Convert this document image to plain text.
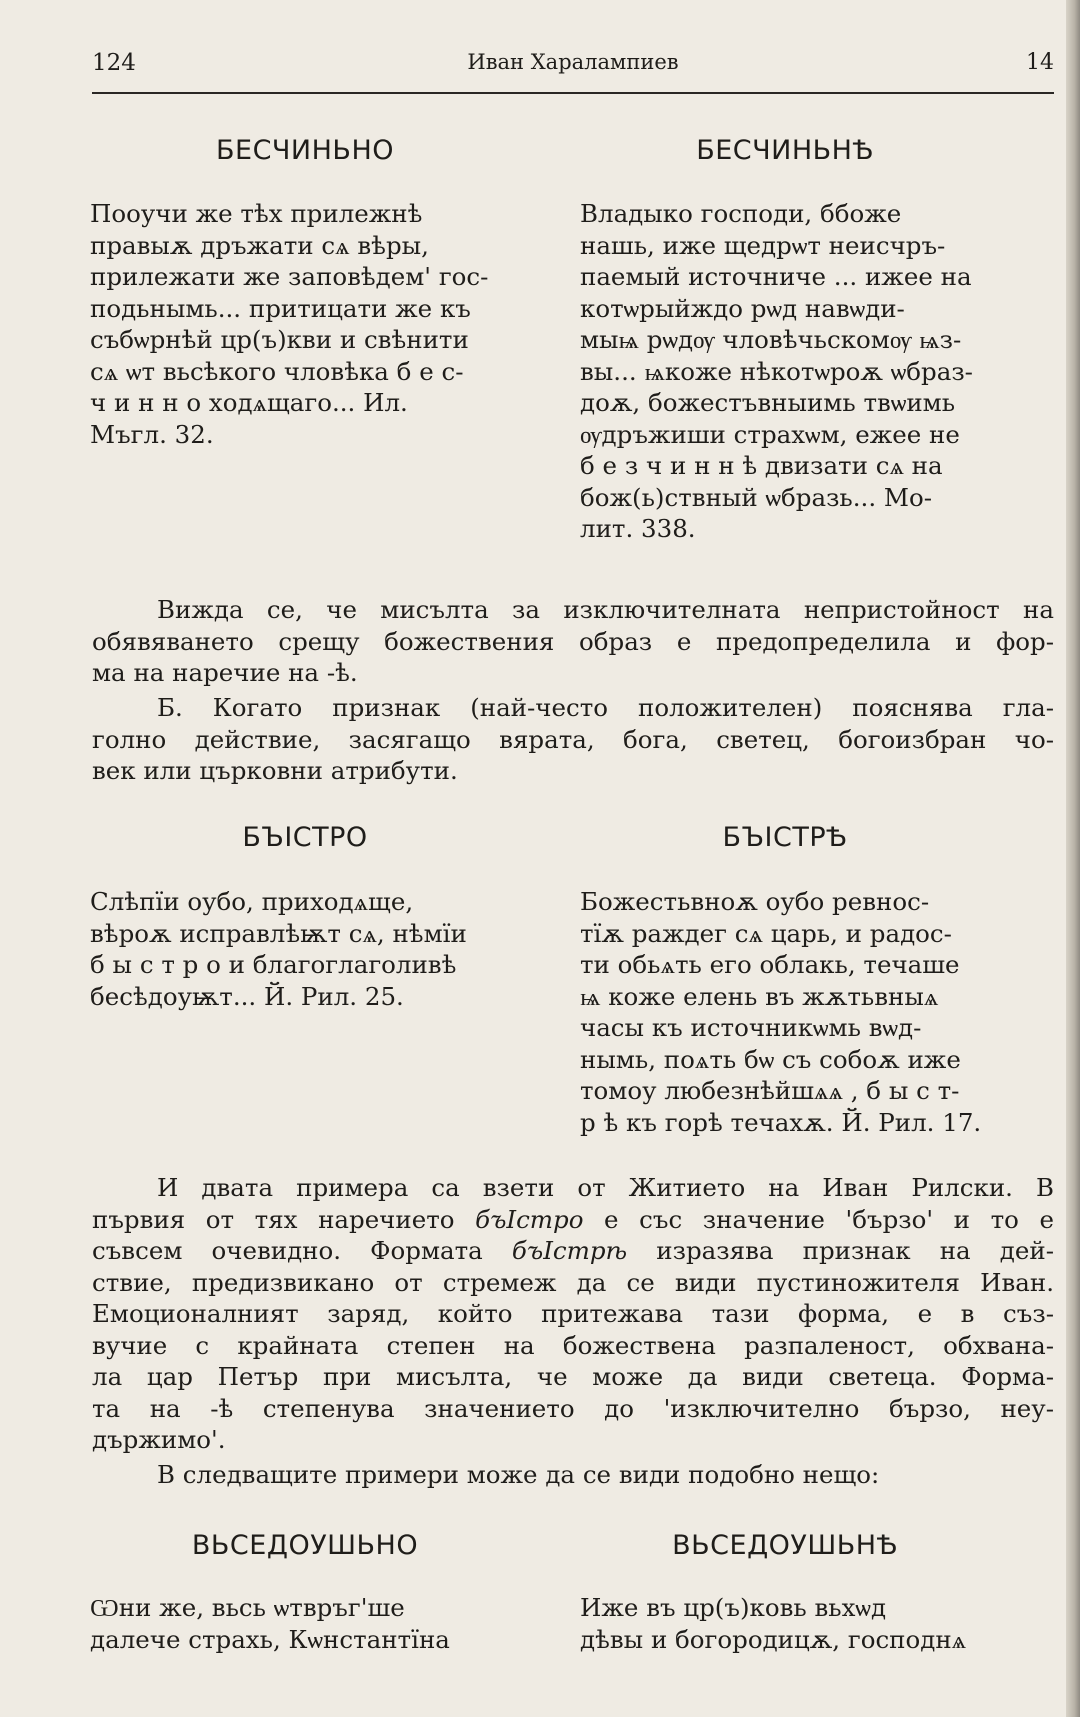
124	Иван Харалампиев	14
БЕСЧИНЬНО	БЕСЧИНЬНѢ
Пооучи же тѣх прилежнѣ
правыѫ дръжати сѧ вѣры,
прилежати же заповѣдем' гос-
подьнымь... притицати же къ
събѡрнѣй цр(ъ)кви и свѣнити
сѧ ѡт вьсѣкого чловѣка б е с-
ч и н н о ходѧщаго... Ил.
Мъгл. 32.
Владыко господи, ббоже
нашь, иже щедрѡт неисчръ-
паемый источниче ... ижее на
котѡрыйждо рѡд навѡди-
мыѩ рѡдѹ чловѣчьскомѹ ѩз-
вы... ѩкоже нѣкотѡроѫ ѡбраз-
доѫ, божестъвныимь твѡимь
ѹдръжиши страхѡм, ежее не
б е з ч и н н ѣ двизати сѧ на
бож(ь)ствный ѡбразь... Мо-
лит. 338.
Вижда се, че мисълта за изключителната непристойност на
обявяването срещу божествения образ е предопределила и фор-
ма на наречие на -ѣ.
Б. Когато признак (най-често положителен) пояснява гла-
голно действие, засягащо вярата, бога, светец, богоизбран чо-
век или църковни атрибути.
БЪІСТРО	БЪІСТРѢ
Слѣпїи оубо, приходѧще,
вѣроѫ исправлѣѭт сѧ, нѣмїи
б ы с т р о и благоглаголивѣ
бесѣдоуѭт... Й. Рил. 25.
Божестьвноѫ оубо ревнос-
тїѫ раждег сѧ царь, и радос-
ти обьѧть его облакь, течаше
ѩ коже елень въ жѫтьвныѧ
часы къ источникѡмь вѡд-
нымь, поѧть бѡ съ собоѫ иже
томоу любезнѣйшѧѧ , б ы с т-
р ѣ къ горѣ течахѫ. Й. Рил. 17.
И двата примера са взети от Житието на Иван Рилски. В
първия от тях наречието бъІстро е със значение 'бързо' и то е
съвсем очевидно. Формата бъІстрѣ изразява признак на дей-
ствие, предизвикано от стремеж да се види пустиножителя Иван.
Емоционалният заряд, който притежава тази форма, е в съз-
вучие с крайната степен на божествена разпаленост, обхвана-
ла цар Петър при мисълта, че може да види светеца. Форма-
та на -ѣ степенува значението до 'изключително бързо, неу-
държимо'.
В следващите примери може да се види подобно нещо:
ВЬСЕДОУШЬНО	ВЬСЕДОУШЬНѢ
Ѡни же, вьсь ѡтвръг'ше
далече страхь, Кѡнстантїна
Иже въ цр(ъ)ковь вьхѡд
дѣвы и богородицѫ, господнѧ
